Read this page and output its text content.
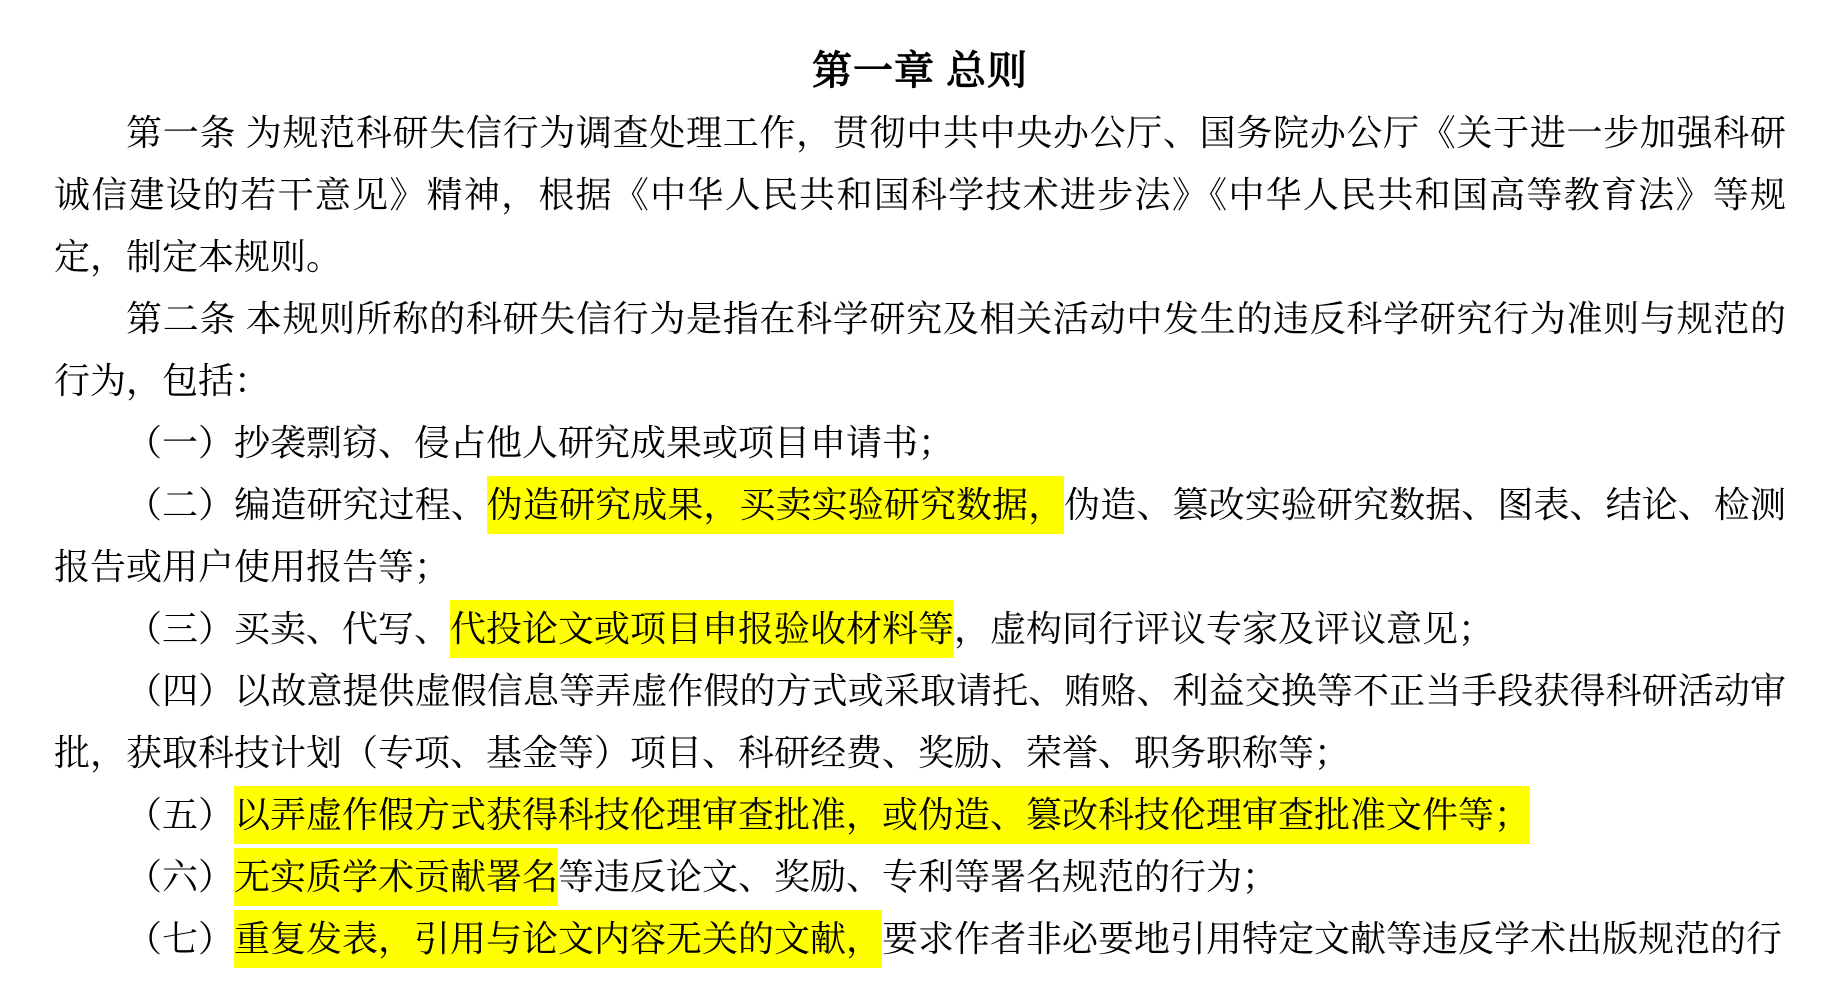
第一章 总则

第一条 为规范科研失信行为调查处理工作，贯彻中共中央办公厅、国务院办公厅《关于进一步加强科研诚信建设的若干意见》精神，根据《中华人民共和国科学技术进步法》《中华人民共和国高等教育法》等规定，制定本规则。

第二条 本规则所称的科研失信行为是指在科学研究及相关活动中发生的违反科学研究行为准则与规范的行为，包括：

（一）抄袭剽窃、侵占他人研究成果或项目申请书；

（二）编造研究过程、伪造研究成果，买卖实验研究数据，伪造、篡改实验研究数据、图表、结论、检测报告或用户使用报告等；

（三）买卖、代写、代投论文或项目申报验收材料等，虚构同行评议专家及评议意见；

（四）以故意提供虚假信息等弄虚作假的方式或采取请托、贿赂、利益交换等不正当手段获得科研活动审批，获取科技计划（专项、基金等）项目、科研经费、奖励、荣誉、职务职称等；

（五）以弄虚作假方式获得科技伦理审查批准，或伪造、篡改科技伦理审查批准文件等；

（六）无实质学术贡献署名等违反论文、奖励、专利等署名规范的行为；

（七）重复发表，引用与论文内容无关的文献，要求作者非必要地引用特定文献等违反学术出版规范的行
